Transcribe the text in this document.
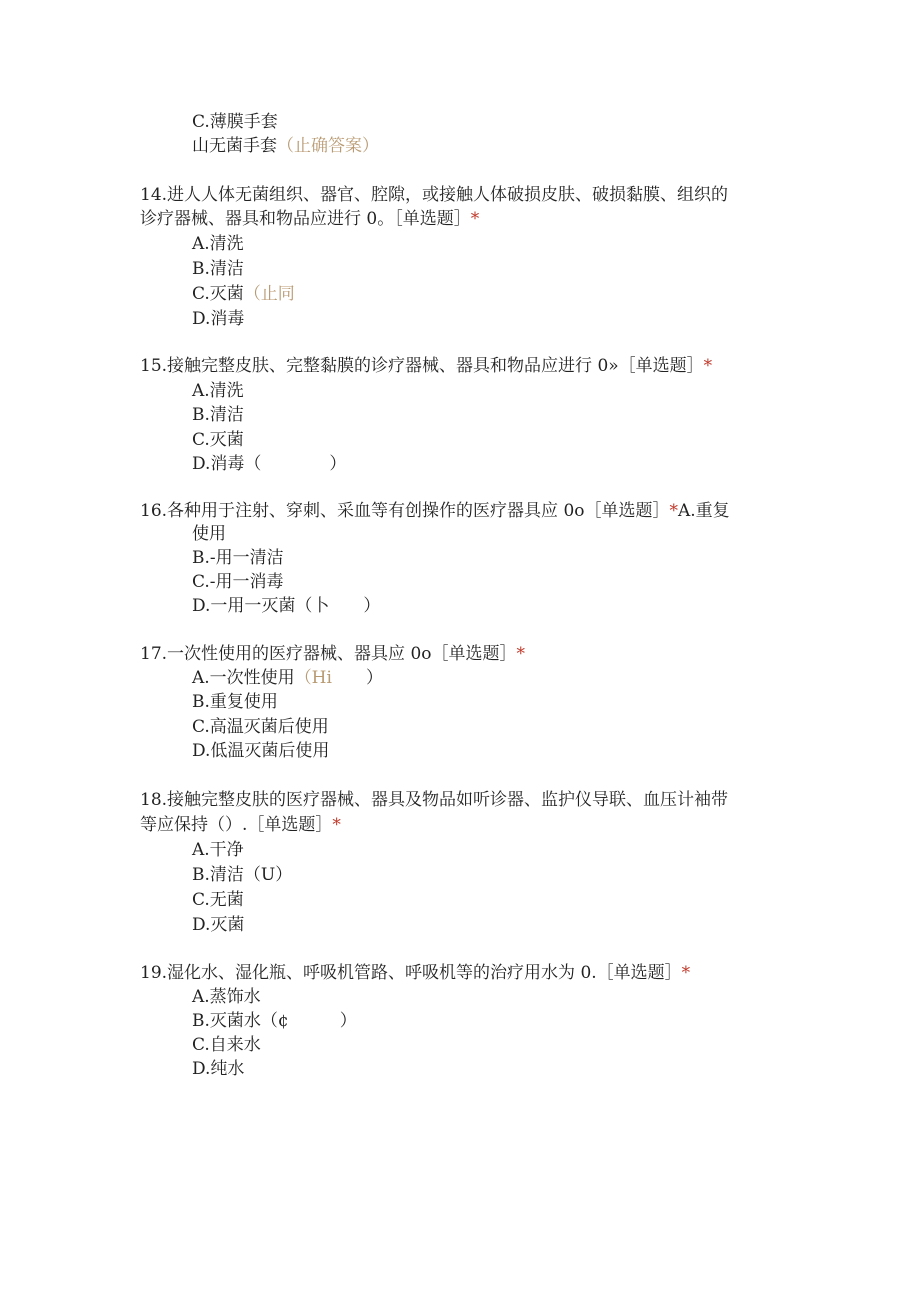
C.薄膜手套
山无菌手套（止确答案）
14.进人人体无菌组织、器官、腔隙，或接触人体破损皮肤、破损黏膜、组织的
诊疗器械、器具和物品应进行 0。［单选题］*
A.清洗
B.清洁
C.灭菌（止同
D.消毒
15.接触完整皮肤、完整黏膜的诊疗器械、器具和物品应进行 0»［单选题］*
A.清洗
B.清洁
C.灭菌
D.消毒（　　　　）
16.各种用于注射、穿刺、采血等有创操作的医疗器具应 0o［单选题］*A.重复
使用
B.-用一清洁
C.-用一消毒
D.一用一灭菌（卜　　）
17.一次性使用的医疗器械、器具应 0o［单选题］*
A.一次性使用（Hi　　）
B.重复使用
C.高温灭菌后使用
D.低温灭菌后使用
18.接触完整皮肤的医疗器械、器具及物品如听诊器、监护仪导联、血压计袖带
等应保持（）.［单选题］*
A.干净
B.清洁（U）
C.无菌
D.灭菌
19.湿化水、湿化瓶、呼吸机管路、呼吸机等的治疗用水为 0.［单选题］*
A.蒸饰水
B.灭菌水（¢　　　）
C.自来水
D.纯水
